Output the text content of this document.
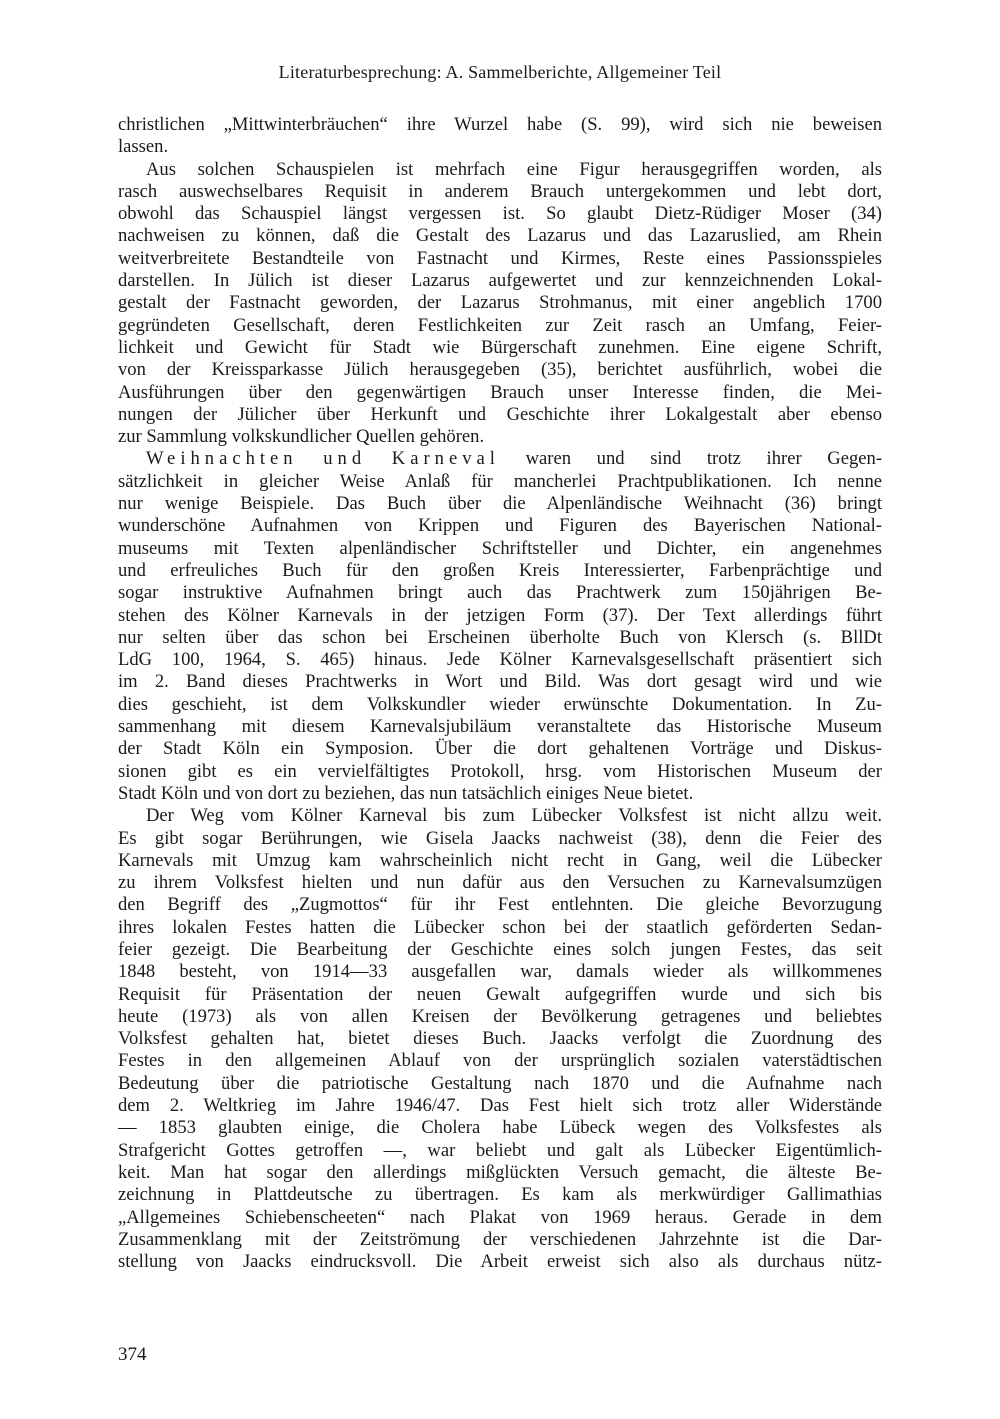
Literaturbesprechung: A. Sammelberichte, Allgemeiner Teil
christlichen „Mittwinterbräuchen“ ihre Wurzel habe (S. 99), wird sich nie beweisen
lassen.
Aus solchen Schauspielen ist mehrfach eine Figur herausgegriffen worden, als
rasch auswechselbares Requisit in anderem Brauch untergekommen und lebt dort,
obwohl das Schauspiel längst vergessen ist. So glaubt Dietz-Rüdiger Moser (34)
nachweisen zu können, daß die Gestalt des Lazarus und das Lazaruslied, am Rhein
weitverbreitete Bestandteile von Fastnacht und Kirmes, Reste eines Passionsspieles
darstellen. In Jülich ist dieser Lazarus aufgewertet und zur kennzeichnenden Lokal-
gestalt der Fastnacht geworden, der Lazarus Strohmanus, mit einer angeblich 1700
gegründeten Gesellschaft, deren Festlichkeiten zur Zeit rasch an Umfang, Feier-
lichkeit und Gewicht für Stadt wie Bürgerschaft zunehmen. Eine eigene Schrift,
von der Kreissparkasse Jülich herausgegeben (35), berichtet ausführlich, wobei die
Ausführungen über den gegenwärtigen Brauch unser Interesse finden, die Mei-
nungen der Jülicher über Herkunft und Geschichte ihrer Lokalgestalt aber ebenso
zur Sammlung volkskundlicher Quellen gehören.
Weihnachten und Karneval waren und sind trotz ihrer Gegen-
sätzlichkeit in gleicher Weise Anlaß für mancherlei Prachtpublikationen. Ich nenne
nur wenige Beispiele. Das Buch über die Alpenländische Weihnacht (36) bringt
wunderschöne Aufnahmen von Krippen und Figuren des Bayerischen National-
museums mit Texten alpenländischer Schriftsteller und Dichter, ein angenehmes
und erfreuliches Buch für den großen Kreis Interessierter, Farbenprächtige und
sogar instruktive Aufnahmen bringt auch das Prachtwerk zum 150jährigen Be-
stehen des Kölner Karnevals in der jetzigen Form (37). Der Text allerdings führt
nur selten über das schon bei Erscheinen überholte Buch von Klersch (s. BllDt
LdG 100, 1964, S. 465) hinaus. Jede Kölner Karnevalsgesellschaft präsentiert sich
im 2. Band dieses Prachtwerks in Wort und Bild. Was dort gesagt wird und wie
dies geschieht, ist dem Volkskundler wieder erwünschte Dokumentation. In Zu-
sammenhang mit diesem Karnevalsjubiläum veranstaltete das Historische Museum
der Stadt Köln ein Symposion. Über die dort gehaltenen Vorträge und Diskus-
sionen gibt es ein vervielfältigtes Protokoll, hrsg. vom Historischen Museum der
Stadt Köln und von dort zu beziehen, das nun tatsächlich einiges Neue bietet.
Der Weg vom Kölner Karneval bis zum Lübecker Volksfest ist nicht allzu weit.
Es gibt sogar Berührungen, wie Gisela Jaacks nachweist (38), denn die Feier des
Karnevals mit Umzug kam wahrscheinlich nicht recht in Gang, weil die Lübecker
zu ihrem Volksfest hielten und nun dafür aus den Versuchen zu Karnevalsumzügen
den Begriff des „Zugmottos“ für ihr Fest entlehnten. Die gleiche Bevorzugung
ihres lokalen Festes hatten die Lübecker schon bei der staatlich geförderten Sedan-
feier gezeigt. Die Bearbeitung der Geschichte eines solch jungen Festes, das seit
1848 besteht, von 1914—33 ausgefallen war, damals wieder als willkommenes
Requisit für Präsentation der neuen Gewalt aufgegriffen wurde und sich bis
heute (1973) als von allen Kreisen der Bevölkerung getragenes und beliebtes
Volksfest gehalten hat, bietet dieses Buch. Jaacks verfolgt die Zuordnung des
Festes in den allgemeinen Ablauf von der ursprünglich sozialen vaterstädtischen
Bedeutung über die patriotische Gestaltung nach 1870 und die Aufnahme nach
dem 2. Weltkrieg im Jahre 1946/47. Das Fest hielt sich trotz aller Widerstände
— 1853 glaubten einige, die Cholera habe Lübeck wegen des Volksfestes als
Strafgericht Gottes getroffen —, war beliebt und galt als Lübecker Eigentümlich-
keit. Man hat sogar den allerdings mißglückten Versuch gemacht, die älteste Be-
zeichnung in Plattdeutsche zu übertragen. Es kam als merkwürdiger Gallimathias
„Allgemeines Schiebenscheeten“ nach Plakat von 1969 heraus. Gerade in dem
Zusammenklang mit der Zeitströmung der verschiedenen Jahrzehnte ist die Dar-
stellung von Jaacks eindrucksvoll. Die Arbeit erweist sich also als durchaus nütz-
374
